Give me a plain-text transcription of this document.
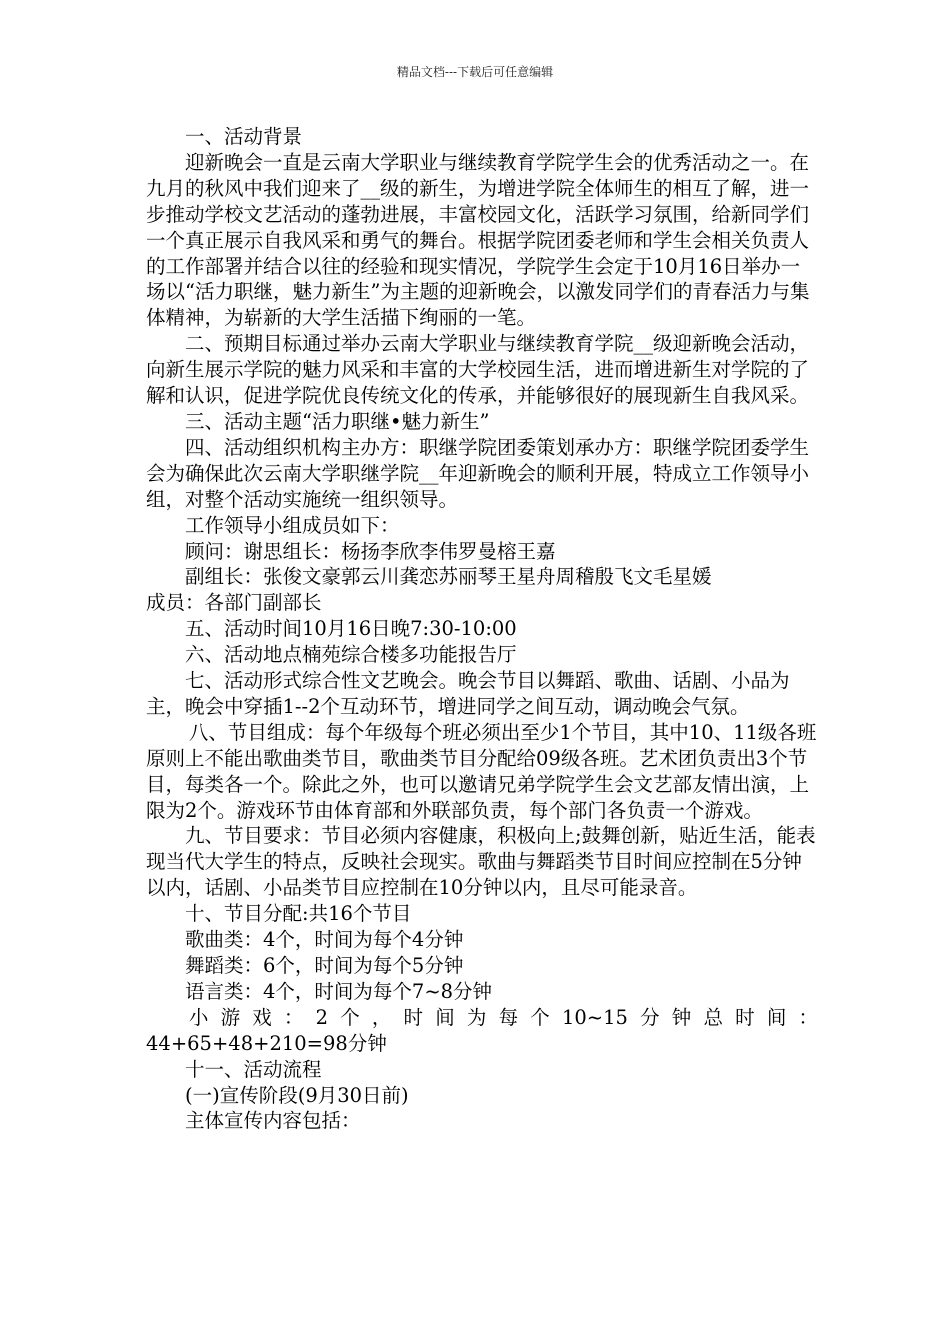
精品文档---下载后可任意编辑

一、活动背景

迎新晚会一直是云南大学职业与继续教育学院学生会的优秀活动之一。在九月的秋风中我们迎来了__级的新生，为增进学院全体师生的相互了解，进一步推动学校文艺活动的蓬勃进展，丰富校园文化，活跃学习氛围，给新同学们一个真正展示自我风采和勇气的舞台。根据学院团委老师和学生会相关负责人的工作部署并结合以往的经验和现实情况，学院学生会定于10月16日举办一场以“活力职继，魅力新生”为主题的迎新晚会，以激发同学们的青春活力与集体精神，为崭新的大学生活描下绚丽的一笔。

二、预期目标通过举办云南大学职业与继续教育学院__级迎新晚会活动，向新生展示学院的魅力风采和丰富的大学校园生活，进而增进新生对学院的了解和认识，促进学院优良传统文化的传承，并能够很好的展现新生自我风采。

三、活动主题“活力职继•魅力新生”

四、活动组织机构主办方：职继学院团委策划承办方：职继学院团委学生会为确保此次云南大学职继学院__年迎新晚会的顺利开展，特成立工作领导小组，对整个活动实施统一组织领导。

工作领导小组成员如下：

顾问：谢思组长：杨扬李欣李伟罗曼榕王嘉

副组长：张俊文豪郭云川龚恋苏丽琴王星舟周稽殷飞文毛星媛

成员：各部门副部长

五、活动时间10月16日晚7:30-10:00

六、活动地点楠苑综合楼多功能报告厅

七、活动形式综合性文艺晚会。晚会节目以舞蹈、歌曲、话剧、小品为主，晚会中穿插1--2个互动环节，增进同学之间互动，调动晚会气氛。

八、节目组成：每个年级每个班必须出至少1个节目，其中10、11级各班原则上不能出歌曲类节目，歌曲类节目分配给09级各班。艺术团负责出3个节目，每类各一个。除此之外，也可以邀请兄弟学院学生会文艺部友情出演，上限为2个。游戏环节由体育部和外联部负责，每个部门各负责一个游戏。

九、节目要求：节目必须内容健康，积极向上;鼓舞创新，贴近生活，能表现当代大学生的特点，反映社会现实。歌曲与舞蹈类节目时间应控制在5分钟以内，话剧、小品类节目应控制在10分钟以内，且尽可能录音。

十、节目分配:共16个节目

歌曲类：4个，时间为每个4分钟

舞蹈类：6个，时间为每个5分钟

语言类：4个，时间为每个7~8分钟

小游戏：2个，时间为每个10~15分钟总时间：

44+65+48+210=98分钟

十一、活动流程

(一)宣传阶段(9月30日前)

主体宣传内容包括：
